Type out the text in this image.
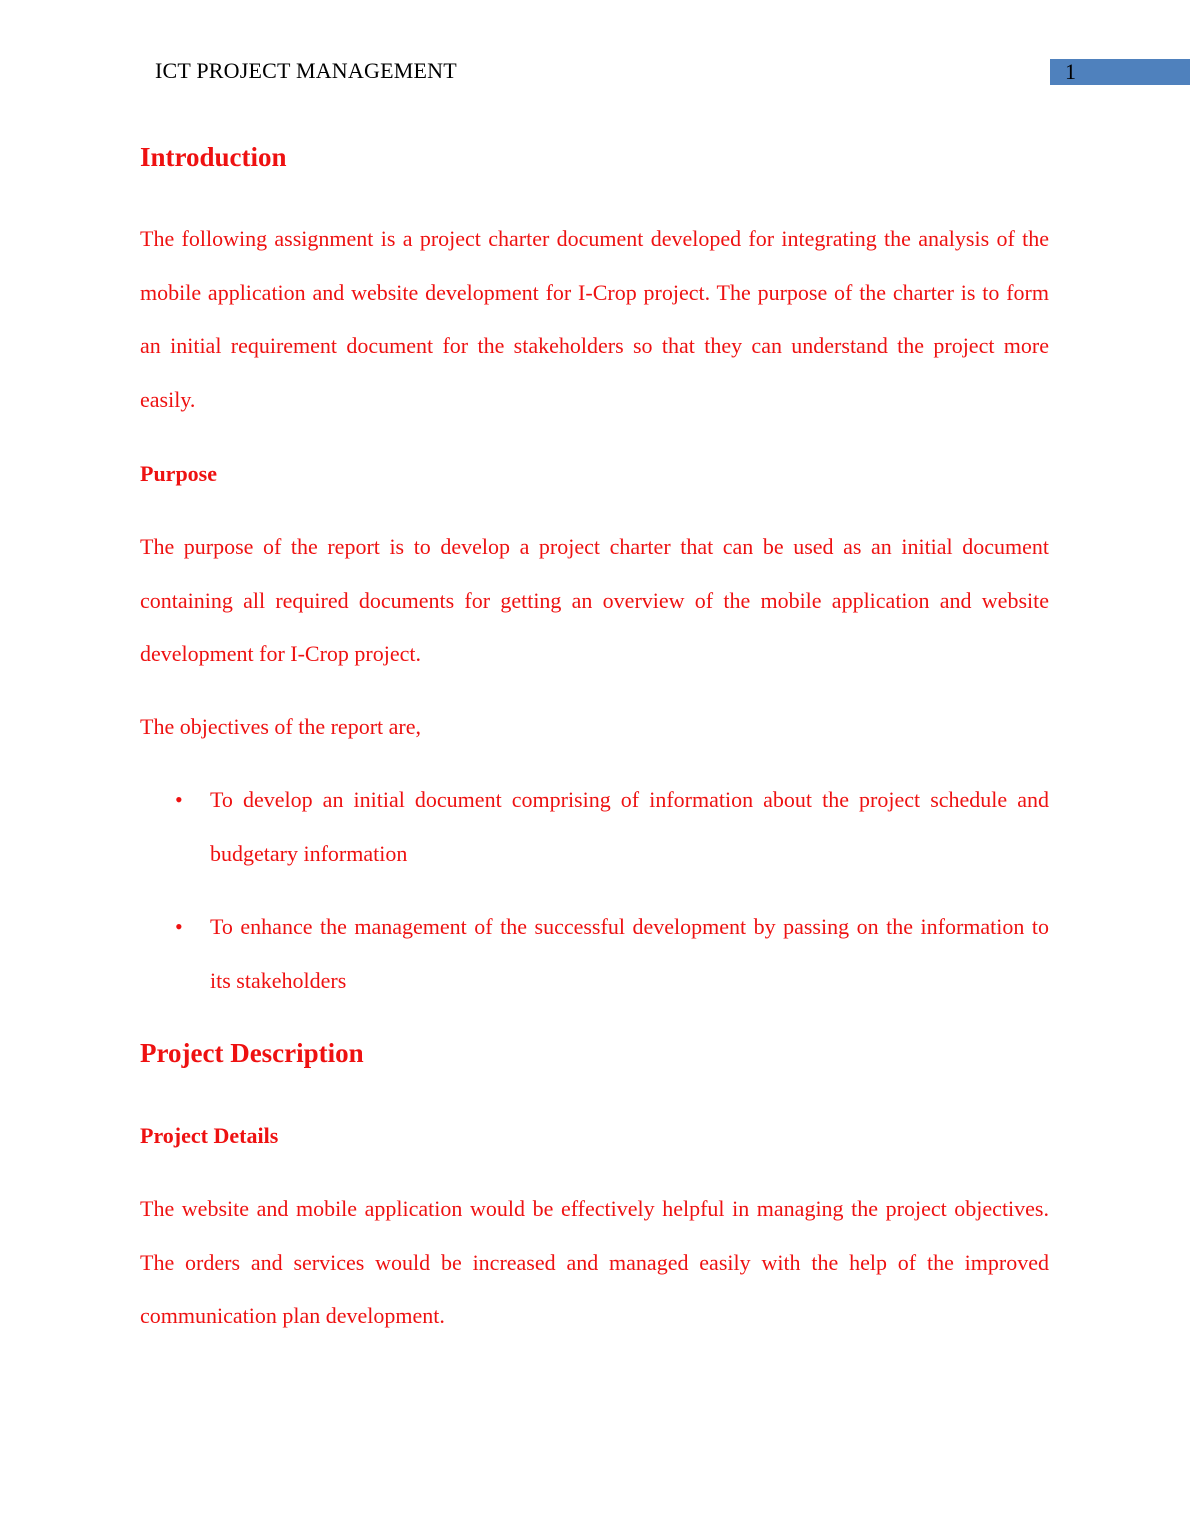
ICT PROJECT MANAGEMENT	1
Introduction
The following assignment is a project charter document developed for integrating the analysis of the mobile application and website development for I-Crop project. The purpose of the charter is to form an initial requirement document for the stakeholders so that they can understand the project more easily.
Purpose
The purpose of the report is to develop a project charter that can be used as an initial document containing all required documents for getting an overview of the mobile application and website development for I-Crop project.
The objectives of the report are,
• To develop an initial document comprising of information about the project schedule and budgetary information
• To enhance the management of the successful development by passing on the information to its stakeholders
Project Description
Project Details
The website and mobile application would be effectively helpful in managing the project objectives. The orders and services would be increased and managed easily with the help of the improved communication plan development.
